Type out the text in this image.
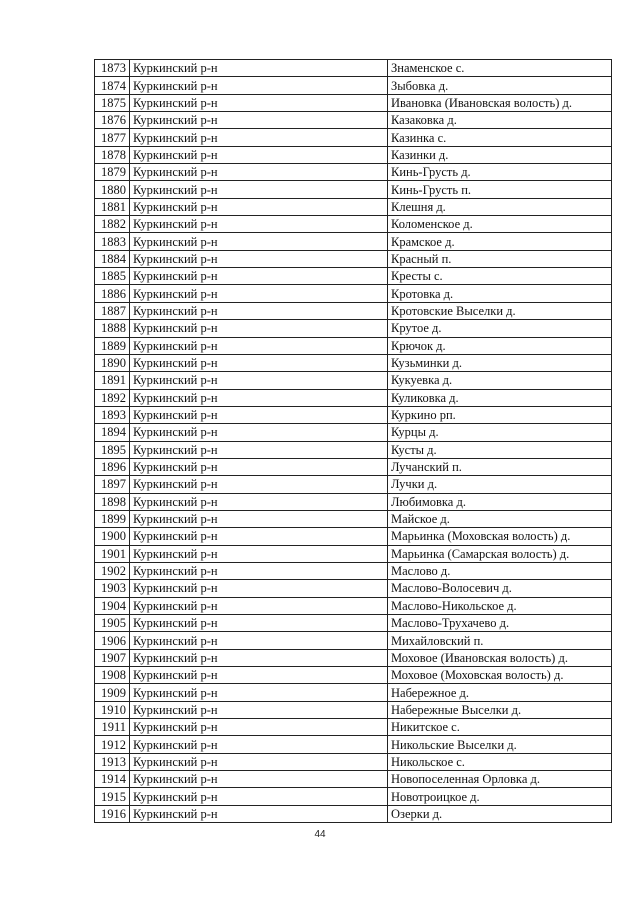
1873	Куркинский р-н	Знаменское с.
1874	Куркинский р-н	Зыбовка д.
1875	Куркинский р-н	Ивановка (Ивановская волость) д.
1876	Куркинский р-н	Казаковка д.
1877	Куркинский р-н	Казинка с.
1878	Куркинский р-н	Казинки д.
1879	Куркинский р-н	Кинь-Грусть д.
1880	Куркинский р-н	Кинь-Грусть п.
1881	Куркинский р-н	Клешня д.
1882	Куркинский р-н	Коломенское д.
1883	Куркинский р-н	Крамское д.
1884	Куркинский р-н	Красный п.
1885	Куркинский р-н	Кресты с.
1886	Куркинский р-н	Кротовка д.
1887	Куркинский р-н	Кротовские Выселки д.
1888	Куркинский р-н	Крутое д.
1889	Куркинский р-н	Крючок д.
1890	Куркинский р-н	Кузьминки д.
1891	Куркинский р-н	Кукуевка д.
1892	Куркинский р-н	Куликовка д.
1893	Куркинский р-н	Куркино рп.
1894	Куркинский р-н	Курцы д.
1895	Куркинский р-н	Кусты д.
1896	Куркинский р-н	Лучанский п.
1897	Куркинский р-н	Лучки д.
1898	Куркинский р-н	Любимовка д.
1899	Куркинский р-н	Майское д.
1900	Куркинский р-н	Марьинка (Моховская волость) д.
1901	Куркинский р-н	Марьинка (Самарская волость) д.
1902	Куркинский р-н	Маслово д.
1903	Куркинский р-н	Маслово-Волосевич д.
1904	Куркинский р-н	Маслово-Никольское д.
1905	Куркинский р-н	Маслово-Трухачево д.
1906	Куркинский р-н	Михайловский п.
1907	Куркинский р-н	Моховое (Ивановская волость) д.
1908	Куркинский р-н	Моховое (Моховская волость) д.
1909	Куркинский р-н	Набережное д.
1910	Куркинский р-н	Набережные Выселки д.
1911	Куркинский р-н	Никитское с.
1912	Куркинский р-н	Никольские Выселки д.
1913	Куркинский р-н	Никольское с.
1914	Куркинский р-н	Новопоселенная Орловка д.
1915	Куркинский р-н	Новотроицкое д.
1916	Куркинский р-н	Озерки д.
44
